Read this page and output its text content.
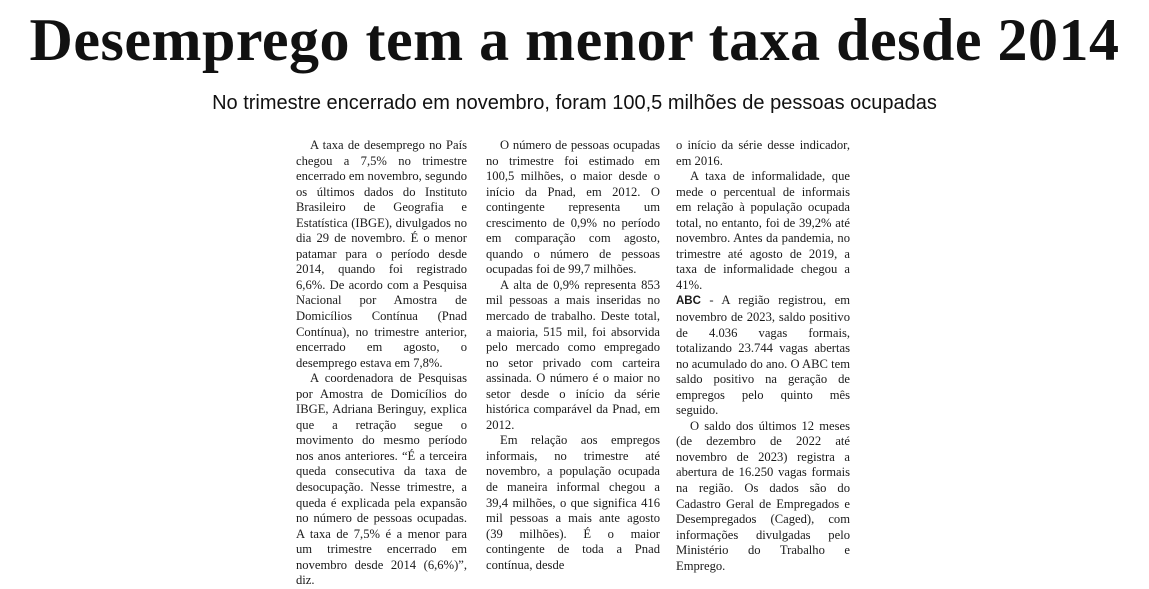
Desemprego tem a menor taxa desde 2014
No trimestre encerrado em novembro, foram 100,5 milhões de pessoas ocupadas

A taxa de desemprego no País chegou a 7,5% no trimestre encerrado em novembro, segundo os últimos dados do Instituto Brasileiro de Geografia e Estatística (IBGE), divulgados no dia 29 de novembro. É o menor patamar para o período desde 2014, quando foi registrado 6,6%. De acordo com a Pesquisa Nacional por Amostra de Domicílios Contínua (Pnad Contínua), no trimestre anterior, encerrado em agosto, o desemprego estava em 7,8%.

A coordenadora de Pesquisas por Amostra de Domicílios do IBGE, Adriana Beringuy, explica que a retração segue o movimento do mesmo período nos anos anteriores. “É a terceira queda consecutiva da taxa de desocupação. Nesse trimestre, a queda é explicada pela expansão no número de pessoas ocupadas. A taxa de 7,5% é a menor para um trimestre encerrado em novembro desde 2014 (6,6%)”, diz.

O número de pessoas ocupadas no trimestre foi estimado em 100,5 milhões, o maior desde o início da Pnad, em 2012. O contingente representa um crescimento de 0,9% no período em comparação com agosto, quando o número de pessoas ocupadas foi de 99,7 milhões.

A alta de 0,9% representa 853 mil pessoas a mais inseridas no mercado de trabalho. Deste total, a maioria, 515 mil, foi absorvida pelo mercado como empregado no setor privado com carteira assinada. O número é o maior no setor desde o início da série histórica comparável da Pnad, em 2012.

Em relação aos empregos informais, no trimestre até novembro, a população ocupada de maneira informal chegou a 39,4 milhões, o que significa 416 mil pessoas a mais ante agosto (39 milhões). É o maior contingente de toda a Pnad contínua, desde

o início da série desse indicador, em 2016.

A taxa de informalidade, que mede o percentual de informais em relação à população ocupada total, no entanto, foi de 39,2% até novembro. Antes da pandemia, no trimestre até agosto de 2019, a taxa de informalidade chegou a 41%.

ABC - A região registrou, em novembro de 2023, saldo positivo de 4.036 vagas formais, totalizando 23.744 vagas abertas no acumulado do ano. O ABC tem saldo positivo na geração de empregos pelo quinto mês seguido.

O saldo dos últimos 12 meses (de dezembro de 2022 até novembro de 2023) registra a abertura de 16.250 vagas formais na região. Os dados são do Cadastro Geral de Empregados e Desempregados (Caged), com informações divulgadas pelo Ministério do Trabalho e Emprego.
